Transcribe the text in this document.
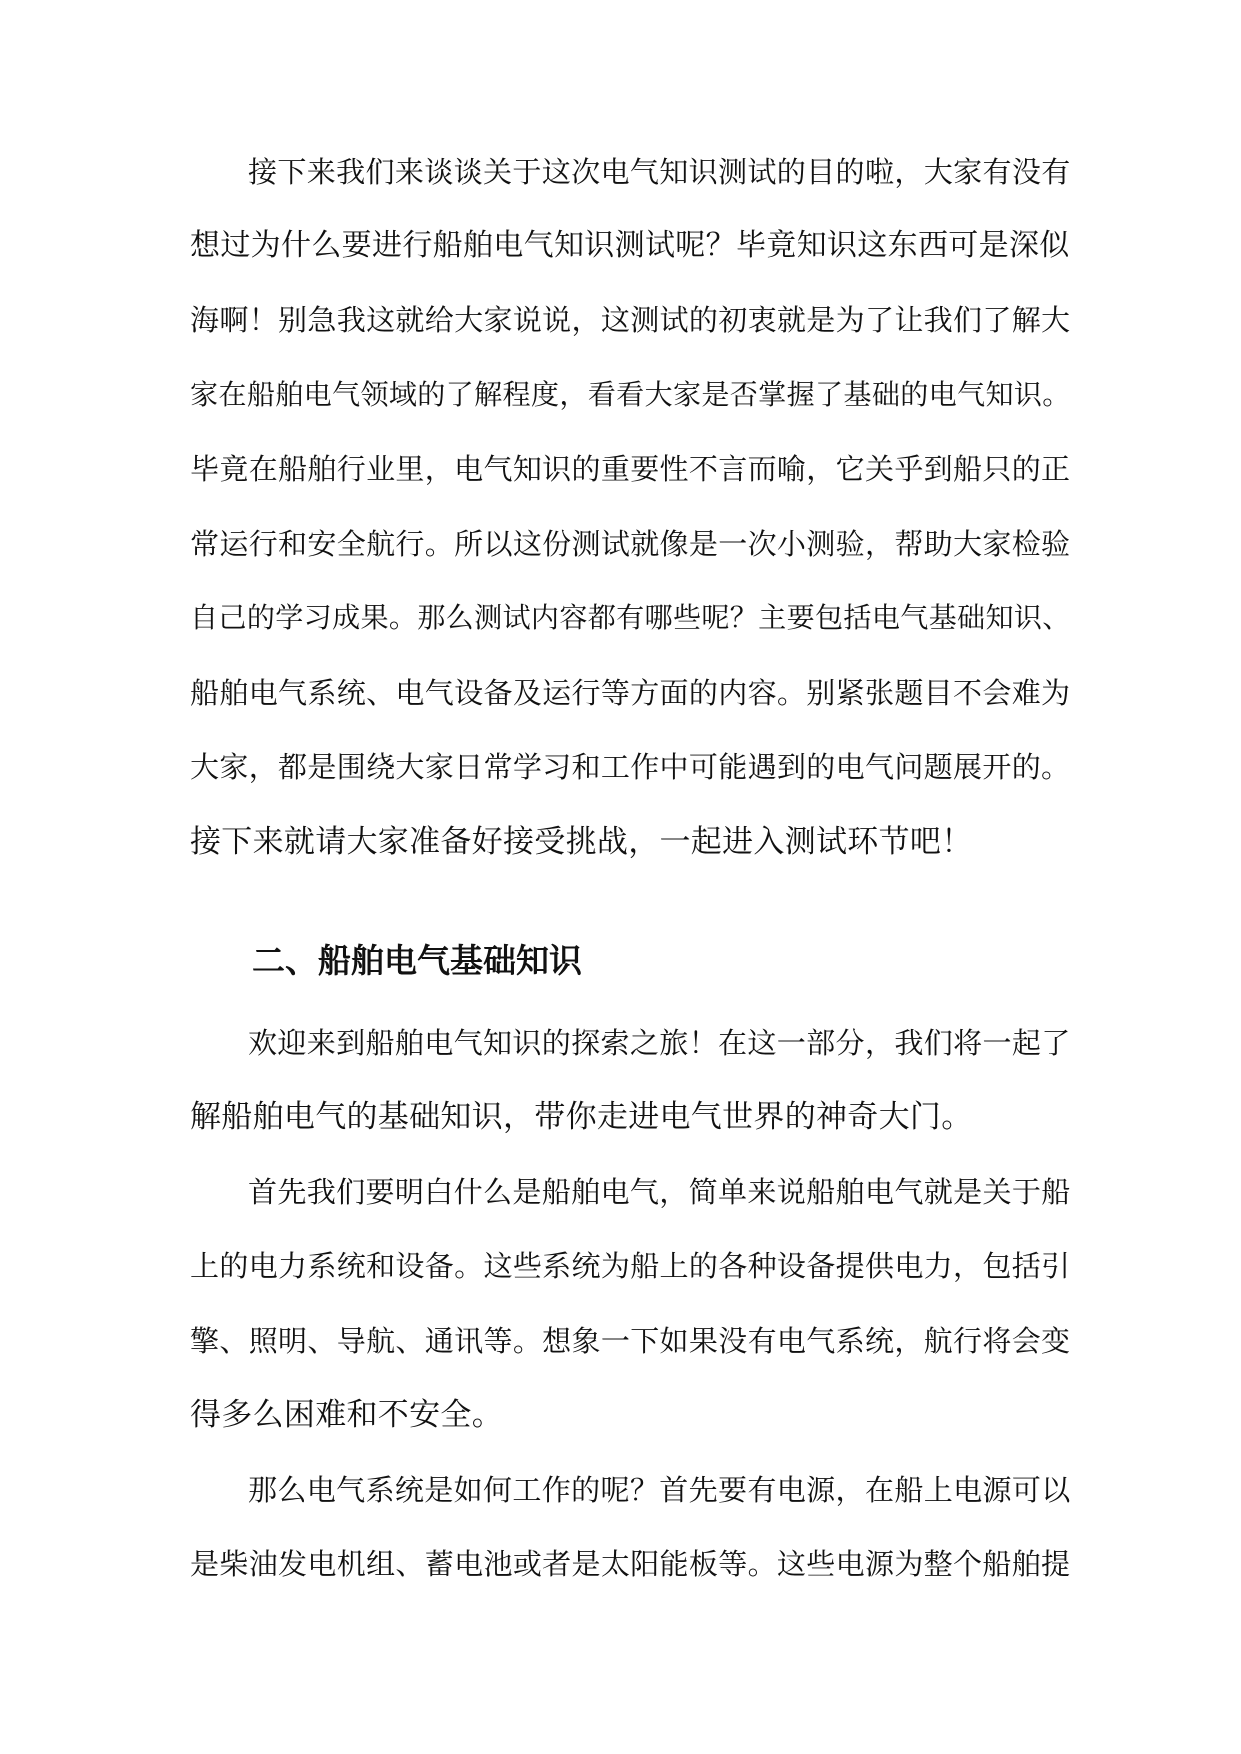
接下来我们来谈谈关于这次电气知识测试的目的啦，大家有没有
想过为什么要进行船舶电气知识测试呢？毕竟知识这东西可是深似
海啊！别急我这就给大家说说，这测试的初衷就是为了让我们了解大
家在船舶电气领域的了解程度，看看大家是否掌握了基础的电气知识。
毕竟在船舶行业里，电气知识的重要性不言而喻，它关乎到船只的正
常运行和安全航行。所以这份测试就像是一次小测验，帮助大家检验
自己的学习成果。那么测试内容都有哪些呢？主要包括电气基础知识、
船舶电气系统、电气设备及运行等方面的内容。别紧张题目不会难为
大家，都是围绕大家日常学习和工作中可能遇到的电气问题展开的。
接下来就请大家准备好接受挑战，一起进入测试环节吧！
二、船舶电气基础知识
欢迎来到船舶电气知识的探索之旅！在这一部分，我们将一起了
解船舶电气的基础知识，带你走进电气世界的神奇大门。
首先我们要明白什么是船舶电气，简单来说船舶电气就是关于船
上的电力系统和设备。这些系统为船上的各种设备提供电力，包括引
擎、照明、导航、通讯等。想象一下如果没有电气系统，航行将会变
得多么困难和不安全。
那么电气系统是如何工作的呢？首先要有电源，在船上电源可以
是柴油发电机组、蓄电池或者是太阳能板等。这些电源为整个船舶提
